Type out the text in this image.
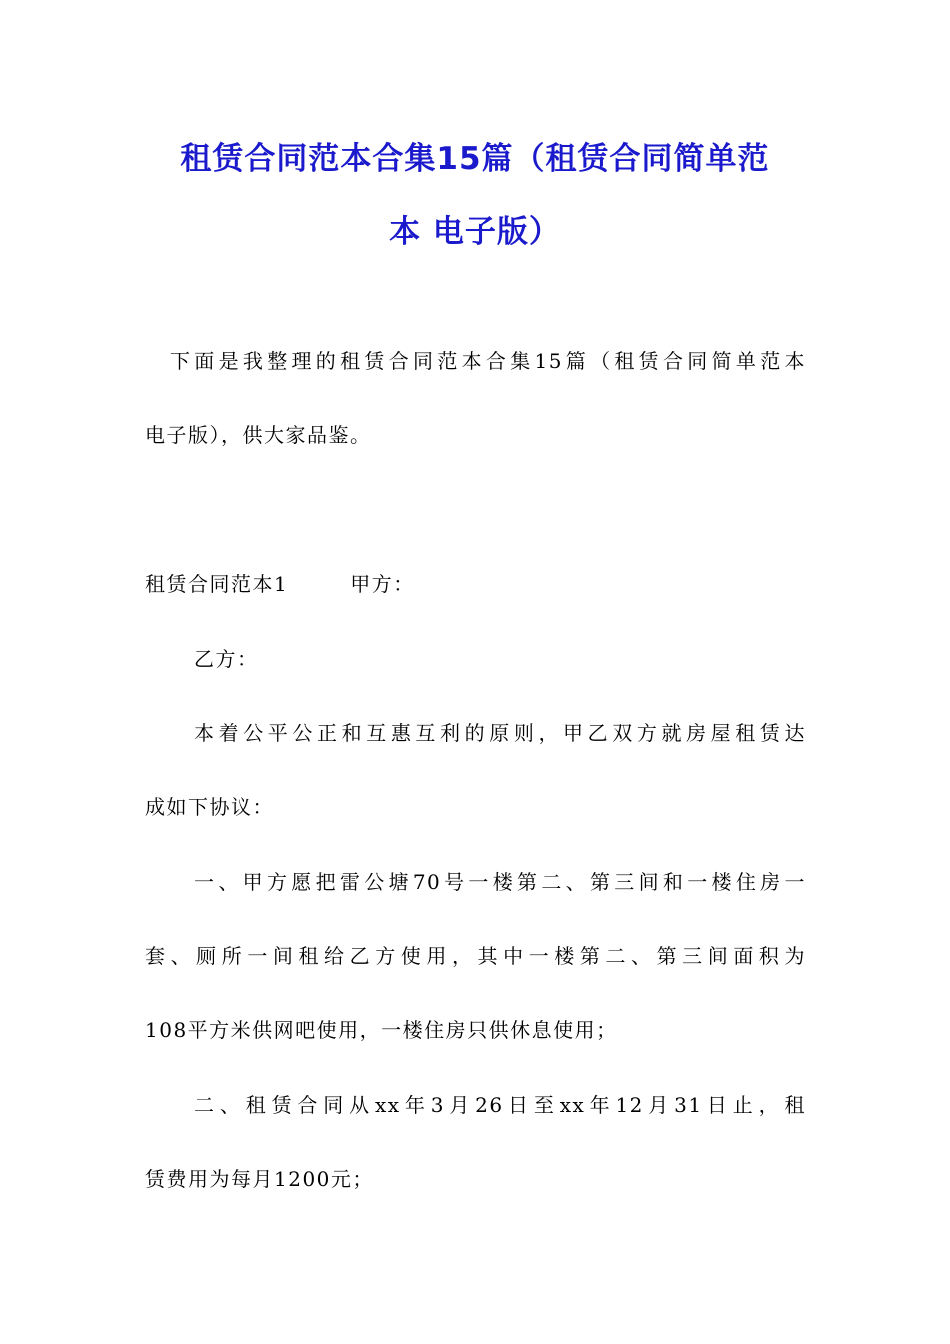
租赁合同范本合集15篇（租赁合同简单范
本 电子版）
下面是我整理的租赁合同范本合集15篇（租赁合同简单范本
电子版），供大家品鉴。
租赁合同范本1	甲方：
乙方：
本着公平公正和互惠互利的原则，甲乙双方就房屋租赁达
成如下协议：
一、甲方愿把雷公塘70号一楼第二、第三间和一楼住房一
套、厕所一间租给乙方使用，其中一楼第二、第三间面积为
108平方米供网吧使用，一楼住房只供休息使用；
二、租赁合同从xx年3月26日至xx年12月31日止，租
赁费用为每月1200元；
